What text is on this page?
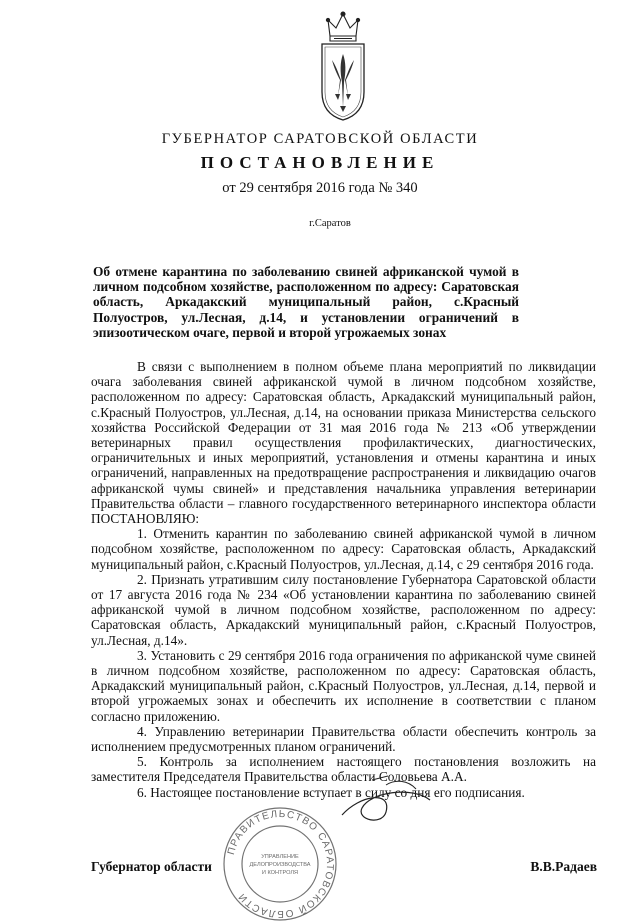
ГУБЕРНАТОР САРАТОВСКОЙ ОБЛАСТИ
ПОСТАНОВЛЕНИЕ
от 29 сентября 2016 года № 340
г.Саратов
Об отмене карантина по заболеванию свиней африканской чумой в личном подсобном хозяйстве, расположенном по адресу: Саратовская область, Аркадакский муниципальный район, с.Красный Полуостров, ул.Лесная, д.14, и установлении ограничений в эпизоотическом очаге, первой и второй угрожаемых зонах

В связи с выполнением в полном объеме плана мероприятий по ликвидации очага заболевания свиней африканской чумой в личном подсобном хозяйстве, расположенном по адресу: Саратовская область, Аркадакский муниципальный район, с.Красный Полуостров, ул.Лесная, д.14, на основании приказа Министерства сельского хозяйства Российской Федерации от 31 мая 2016 года № 213 «Об утверждении ветеринарных правил осуществления профилактических, диагностических, ограничительных и иных мероприятий, установления и отмены карантина и иных ограничений, направленных на предотвращение распространения и ликвидацию очагов африканской чумы свиней» и представления начальника управления ветеринарии Правительства области – главного государственного ветеринарного инспектора области ПОСТАНОВЛЯЮ:

1. Отменить карантин по заболеванию свиней африканской чумой в личном подсобном хозяйстве, расположенном по адресу: Саратовская область, Аркадакский муниципальный район, с.Красный Полуостров, ул.Лесная, д.14, с 29 сентября 2016 года.

2. Признать утратившим силу постановление Губернатора Саратовской области от 17 августа 2016 года № 234 «Об установлении карантина по заболеванию свиней африканской чумой в личном подсобном хозяйстве, расположенном по адресу: Саратовская область, Аркадакский муниципальный район, с.Красный Полуостров, ул.Лесная, д.14».

3. Установить с 29 сентября 2016 года ограничения по африканской чуме свиней в личном подсобном хозяйстве, расположенном по адресу: Саратовская область, Аркадакский муниципальный район, с.Красный Полуостров, ул.Лесная, д.14, первой и второй угрожаемых зонах и обеспечить их исполнение в соответствии с планом согласно приложению.

4. Управлению ветеринарии Правительства области обеспечить контроль за исполнением предусмотренных планом ограничений.

5. Контроль за исполнением настоящего постановления возложить на заместителя Председателя Правительства области Соловьева А.А.

6. Настоящее постановление вступает в силу со дня его подписания.

ПРАВИТЕЛЬСТВО САРАТОВСКОЙ ОБЛАСТИ
УПРАВЛЕНИЕ
ДЕЛОПРОИЗВОДСТВА
И КОНТРОЛЯ
Губернатор области	В.В.Радаев
